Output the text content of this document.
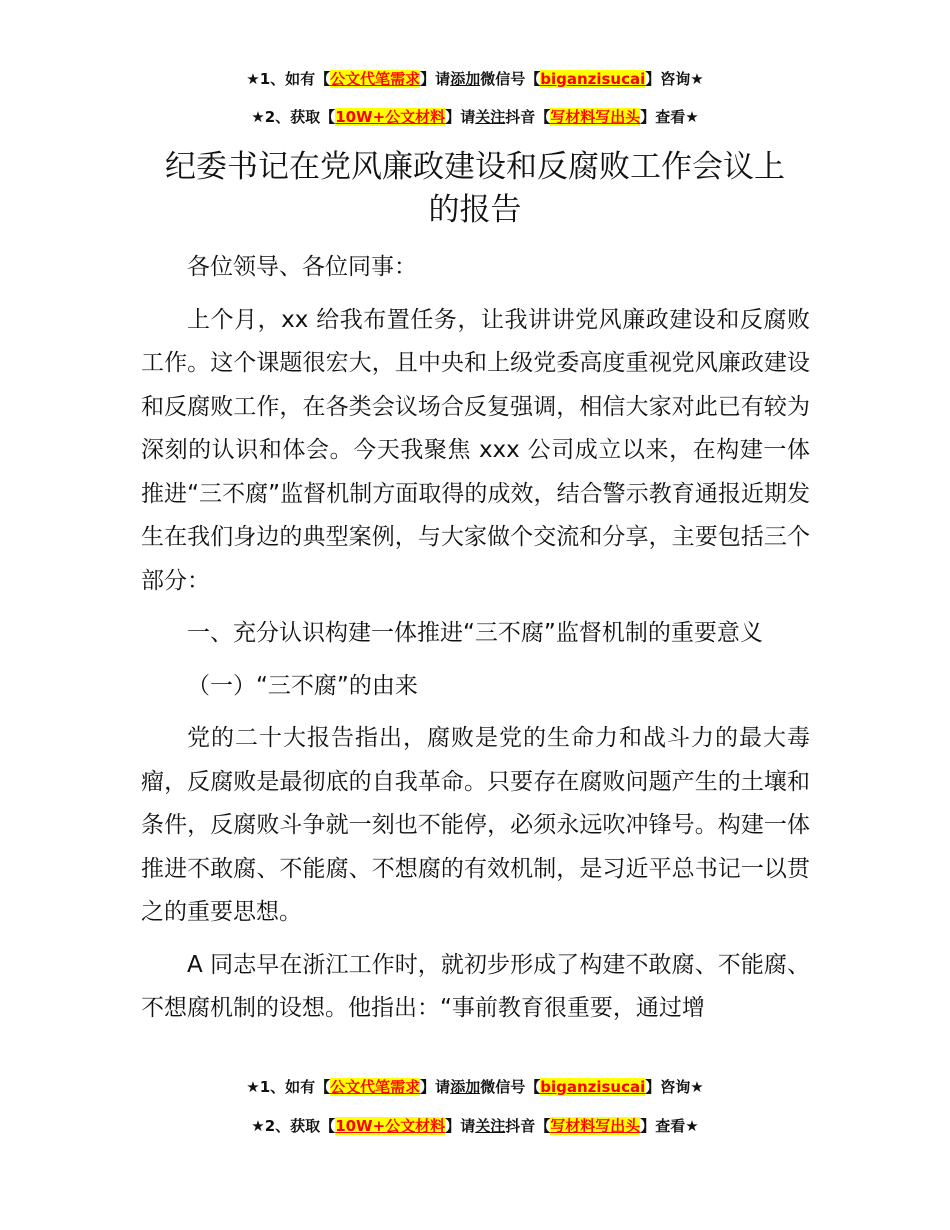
★1、如有【公文代笔需求】请添加微信号【biganzisucai】咨询★
★2、获取【10W+公文材料】请关注抖音【写材料写出头】查看★
纪委书记在党风廉政建设和反腐败工作会议上
的报告

各位领导、各位同事：

上个月，xx 给我布置任务，让我讲讲党风廉政建设和反腐败工作。这个课题很宏大，且中央和上级党委高度重视党风廉政建设和反腐败工作，在各类会议场合反复强调，相信大家对此已有较为深刻的认识和体会。今天我聚焦 xxx 公司成立以来，在构建一体推进“三不腐”监督机制方面取得的成效，结合警示教育通报近期发生在我们身边的典型案例，与大家做个交流和分享，主要包括三个部分：

一、充分认识构建一体推进“三不腐”监督机制的重要意义

（一）“三不腐”的由来

党的二十大报告指出，腐败是党的生命力和战斗力的最大毒瘤，反腐败是最彻底的自我革命。只要存在腐败问题产生的土壤和条件，反腐败斗争就一刻也不能停，必须永远吹冲锋号。构建一体推进不敢腐、不能腐、不想腐的有效机制，是习近平总书记一以贯之的重要思想。

A 同志早在浙江工作时，就初步形成了构建不敢腐、不能腐、不想腐机制的设想。他指出：“事前教育很重要，通过增

★1、如有【公文代笔需求】请添加微信号【biganzisucai】咨询★
★2、获取【10W+公文材料】请关注抖音【写材料写出头】查看★
